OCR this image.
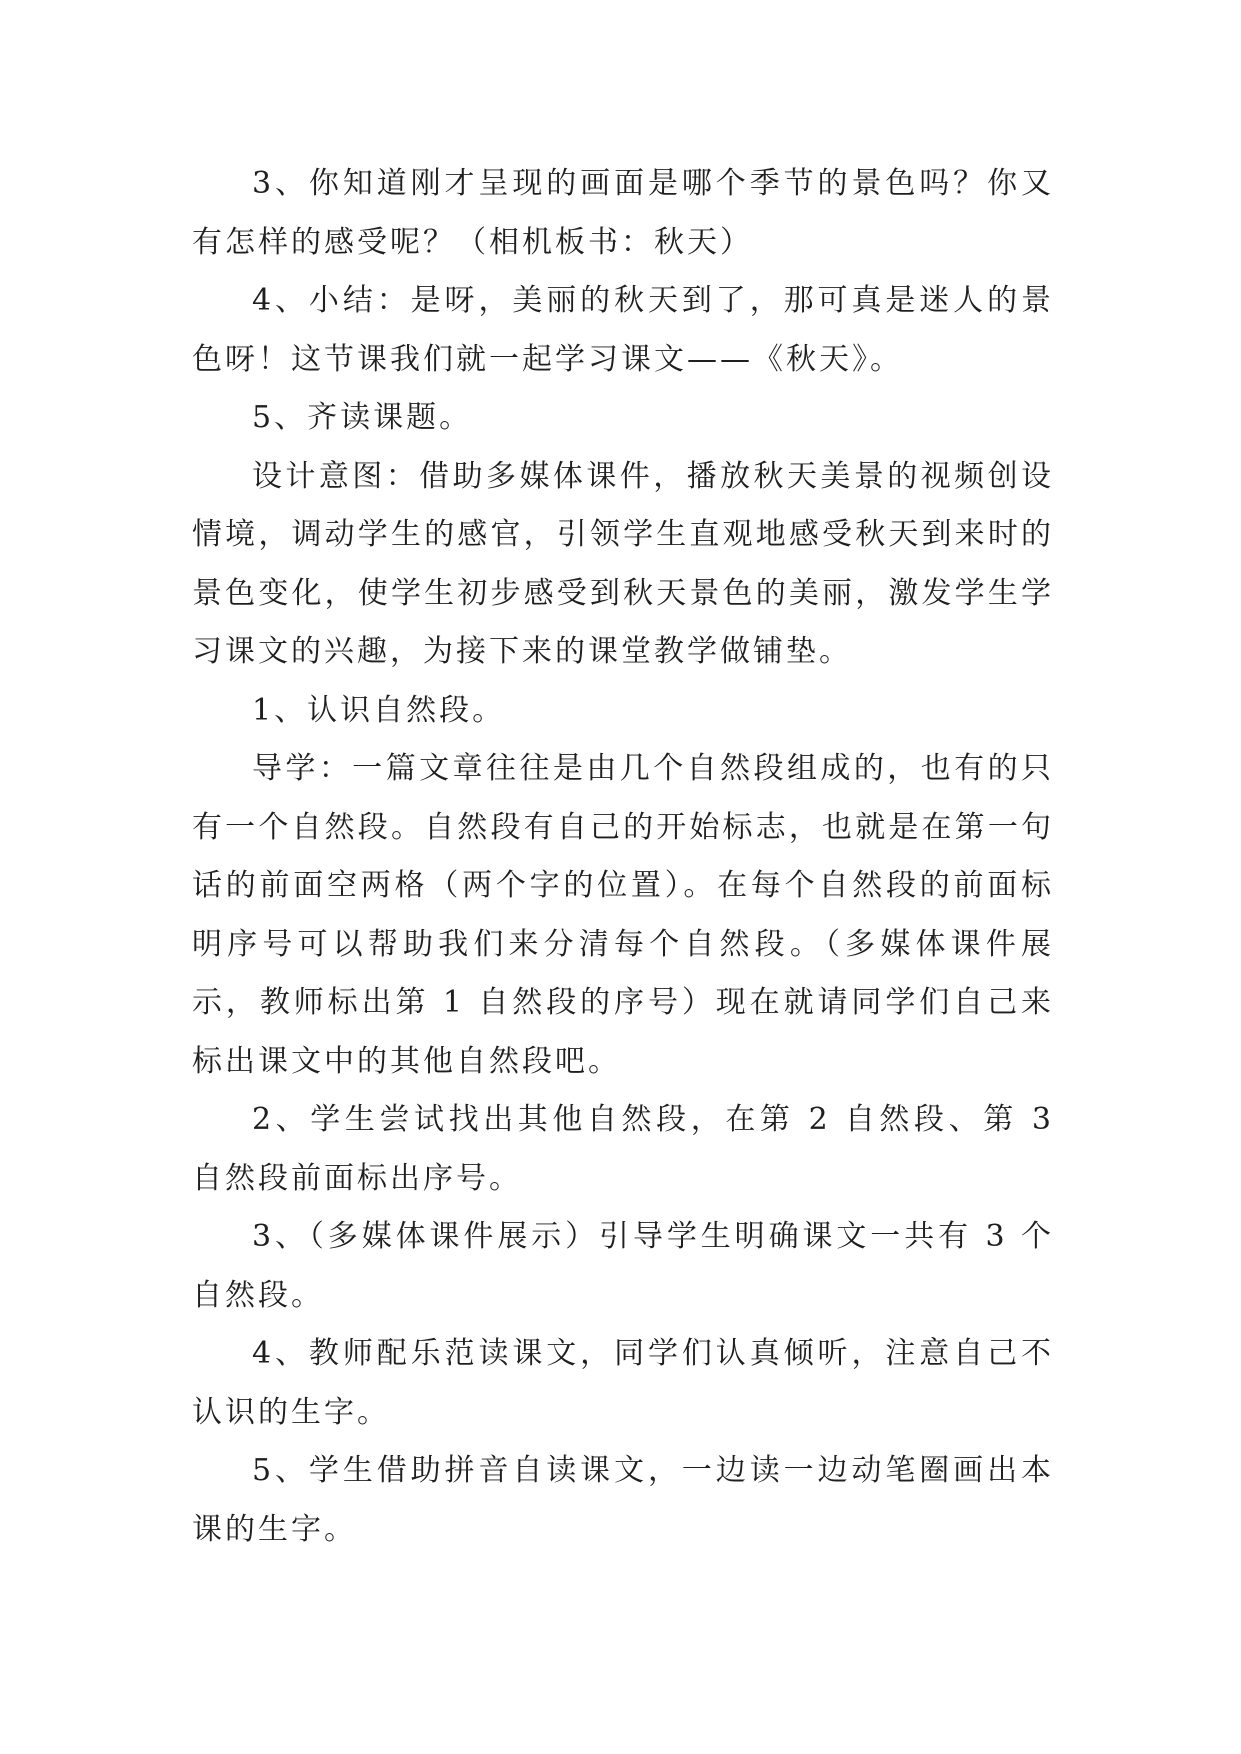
3、你知道刚才呈现的画面是哪个季节的景色吗？你又有怎样的感受呢？（相机板书：秋天）

4、小结：是呀，美丽的秋天到了，那可真是迷人的景色呀！这节课我们就一起学习课文——《秋天》。

5、齐读课题。

设计意图：借助多媒体课件，播放秋天美景的视频创设情境，调动学生的感官，引领学生直观地感受秋天到来时的景色变化，使学生初步感受到秋天景色的美丽，激发学生学习课文的兴趣，为接下来的课堂教学做铺垫。

1、认识自然段。

导学：一篇文章往往是由几个自然段组成的，也有的只有一个自然段。自然段有自己的开始标志，也就是在第一句话的前面空两格（两个字的位置）。在每个自然段的前面标明序号可以帮助我们来分清每个自然段。（多媒体课件展示，教师标出第 1 自然段的序号）现在就请同学们自己来标出课文中的其他自然段吧。

2、学生尝试找出其他自然段，在第 2 自然段、第 3 自然段前面标出序号。

3、（多媒体课件展示）引导学生明确课文一共有 3 个自然段。

4、教师配乐范读课文，同学们认真倾听，注意自己不认识的生字。

5、学生借助拼音自读课文，一边读一边动笔圈画出本课的生字。
